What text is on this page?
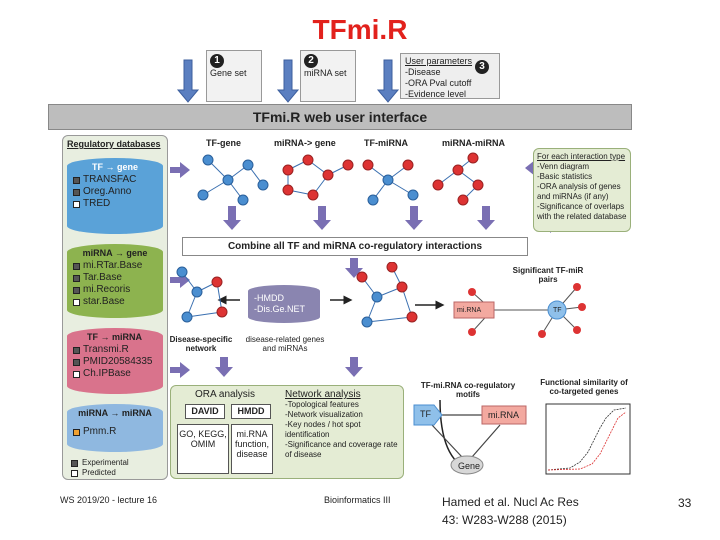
TFmi.R
1
Gene set
2
miRNA set
User parameters
-Disease
-ORA Pval cutoff
-Evidence level
3
TFmi.R web user interface
Regulatory databases
TF → gene
TRANSFAC
Oreg.Anno
TRED
miRNA → gene
mi.RTar.Base
Tar.Base
mi.Recoris
star.Base
TF → miRNA
Transmi.R
PMID20584335
Ch.IPBase
miRNA → miRNA
Pmm.R
Experimental
Predicted
TF-gene	miRNA-> gene	TF-miRNA	miRNA-miRNA
For each interaction type
-Venn diagram
-Basic statistics
-ORA analysis of genes and miRNAs (if any)
-Significance of overlaps with the related database
Combine all TF and miRNA co-regulatory interactions
mi.RNA	TF
Significant TF-miR pairs
-HMDD
-Dis.Ge.NET
Disease-specific network
disease-related genes and miRNAs
ORA analysis
DAVID	HMDD
GO, KEGG,
OMIM
mi.RNA
function,
disease
Network analysis
-Topological features
-Network visualization
-Key nodes / hot spot identification
-Significance and coverage rate of disease
TF-mi.RNA co-regulatory motifs
TF	mi.RNA
Gene
Functional similarity of co-targeted genes
WS 2019/20 - lecture 16	Bioinformatics III	Hamed et al. Nucl Ac Res
43: W283-W288 (2015)
33
